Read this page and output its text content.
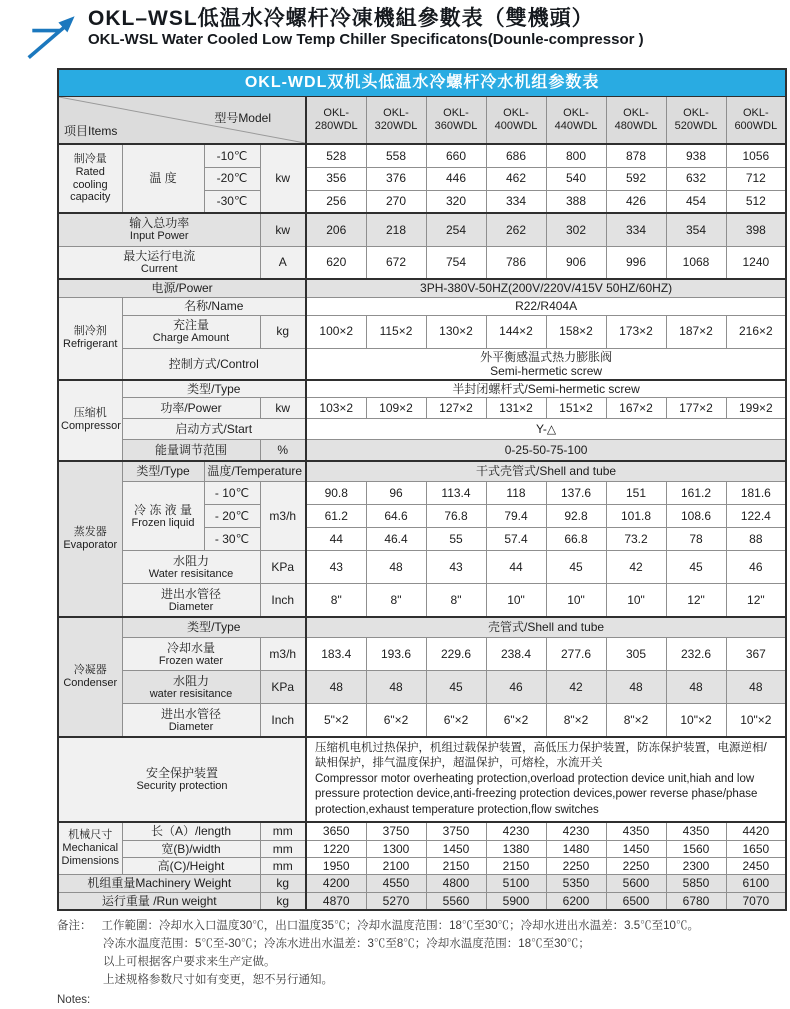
OKL–WSL低温水冷螺杆冷凍機組參數表（雙機頭）
OKL-WSL Water Cooled Low Temp Chiller Specificatons(Dounle-compressor )
OKL-WDL双机头低温水冷螺杆冷水机组参数表											

项目Items
型号Model				OKL-280WDL	OKL-320WDL	OKL-360WDL	OKL-400WDL	OKL-440WDL	OKL-480WDL	OKL-520WDL	OKL-600WDL

制冷量
Rated cooling capacity	温 度	-10℃	kw	528	558	660	686	800	878	938	1056
		-20℃		356	376	446	462	540	592	632	712
		-30℃		256	270	320	334	388	426	454	512

输入总功率
Input Power			kw	206	218	254	262	302	334	354	398

最大运行电流
Current			A	620	672	754	786	906	996	1068	1240
电源/Power				3PH-380V-50HZ(200V/220V/415V 50HZ/60HZ)							

制冷剂
Refrigerant	名称/Name			R22/R404A							

	充注量
Charge Amount		kg	100×2	115×2	130×2	144×2	158×2	173×2	187×2	216×2
	控制方式/Control			外平衡感温式热力膨胀阀
Semi-hermetic screw							

压缩机
Compressor	类型/Type			半封闭螺杆式/Semi-hermetic screw							
	功率/Power		kw	103×2	109×2	127×2	131×2	151×2	167×2	177×2	199×2
	启动方式/Start			Y-△							
	能量调节范围		%	0-25-50-75-100							

蒸发器
Evaporator	类型/Type	温度/Temperature		干式壳管式/Shell and tube							

	冷 冻 液 量
Frozen liquid	- 10℃	m3/h	90.8	96	113.4	118	137.6	151	161.2	181.6
		- 20℃		61.2	64.6	76.8	79.4	92.8	101.8	108.6	122.4
		- 30℃		44	46.4	55	57.4	66.8	73.2	78	88

	水阻力
Water resisitance		KPa	43	48	43	44	45	42	45	46

	进出水管径
Diameter		Inch	8"	8"	8"	10"	10"	10"	12"	12"

冷凝器
Condenser	类型/Type			壳管式/Shell and tube							

	冷却水量
Frozen water		m3/h	183.4	193.6	229.6	238.4	277.6	305	232.6	367

	水阻力
water resisitance		KPa	48	48	45	46	42	48	48	48

	进出水管径
Diameter		Inch	5"×2	6"×2	6"×2	6"×2	8"×2	8"×2	10"×2	10"×2

安全保护装置
Security protection

压缩机电机过热保护，机组过载保护装置，高低压力保护装置，防冻保护装置，电源逆相/缺相保护，排气温度保护，超温保护，可熔栓，水流开关
Compressor motor overheating protection,overload protection device unit,hiah and low pressure protection device,anti-freezing protection devices,power reverse phase/phase protection,exhaust temperature protection,flow switches

机械尺寸
Mechanical Dimensions	长（A）/length		mm	3650	3750	3750	4230	4230	4350	4350	4420
	宽(B)/width		mm	1220	1300	1450	1380	1480	1450	1560	1650
	高(C)/Height		mm	1950	2100	2150	2150	2250	2250	2300	2450
机组重量Machinery Weight			kg	4200	4550	4800	5100	5350	5600	5850	6100
运行重量 /Run weight			kg	4870	5270	5560	5900	6200	6500	6780	7070
备注： 工作範圍：冷却水入口温度30℃，出口温度35℃；冷却水温度范围：18℃至30℃；冷却水进出水温差：3.5℃至10℃。
冷冻水温度范围：5℃至-30℃；冷冻水进出水温差：3℃至8℃；冷却水温度范围：18℃至30℃；
以上可根据客户要求来生产定做。
上述规格参数尺寸如有变更，恕不另行通知。
Notes:
